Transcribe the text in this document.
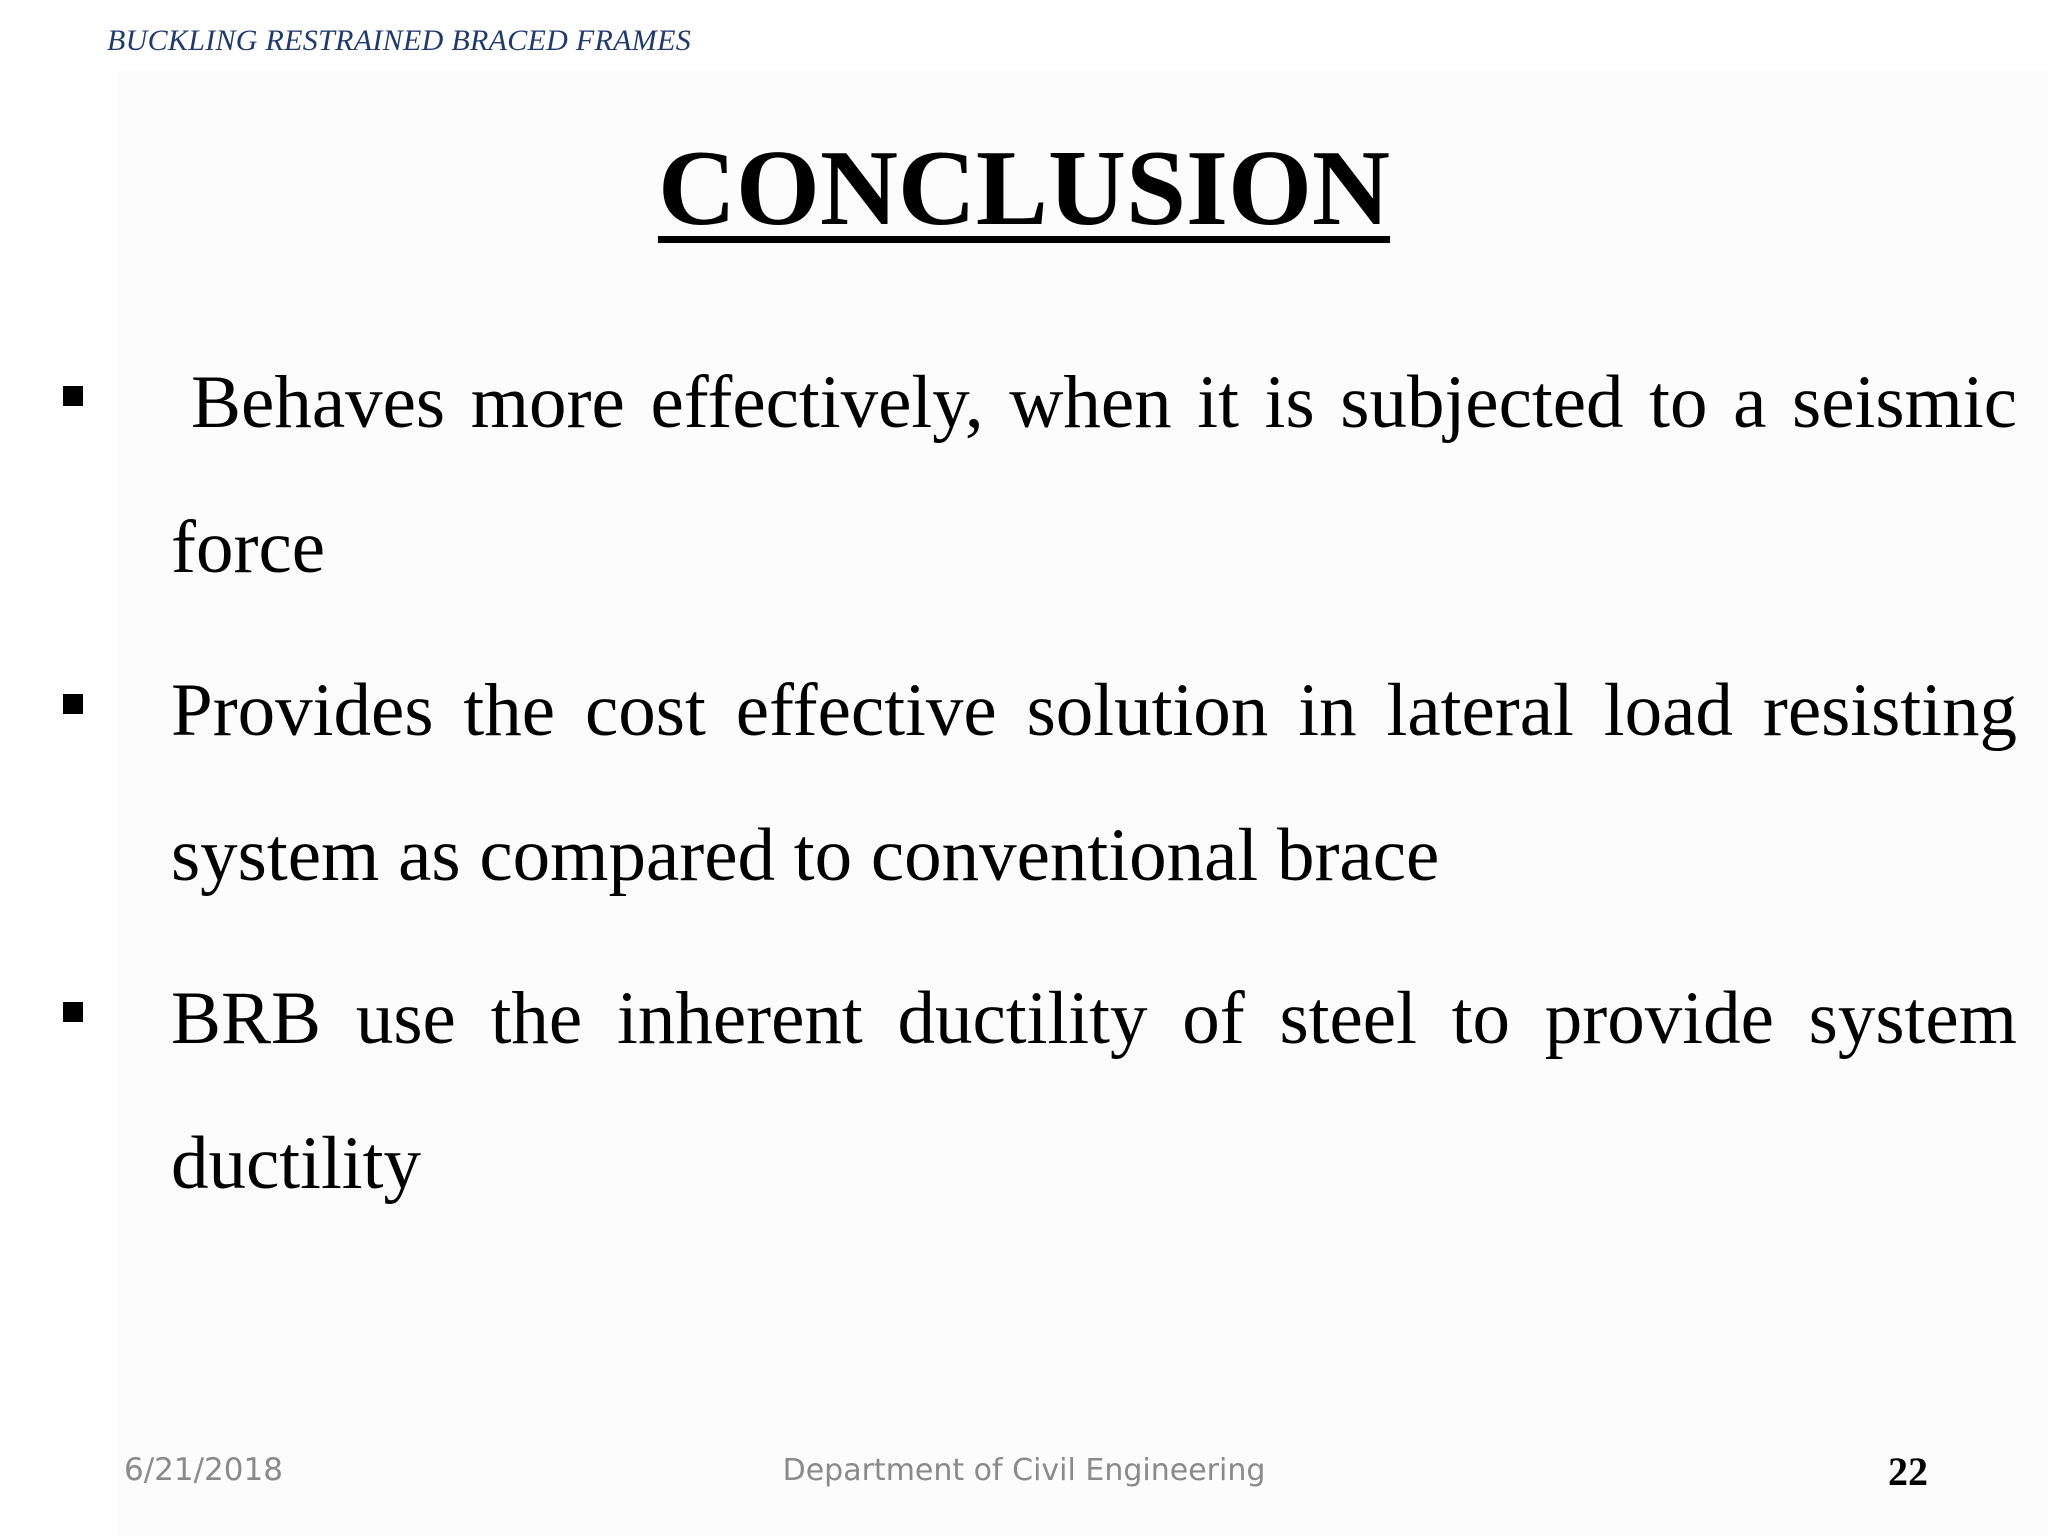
BUCKLING RESTRAINED BRACED FRAMES
CONCLUSION
Behaves more effectively, when it is subjected to a seismic force
Provides the cost effective solution in lateral load resisting system as compared to conventional brace
BRB use the inherent ductility of steel to provide system ductility
6/21/2018	Department of Civil Engineering	22
